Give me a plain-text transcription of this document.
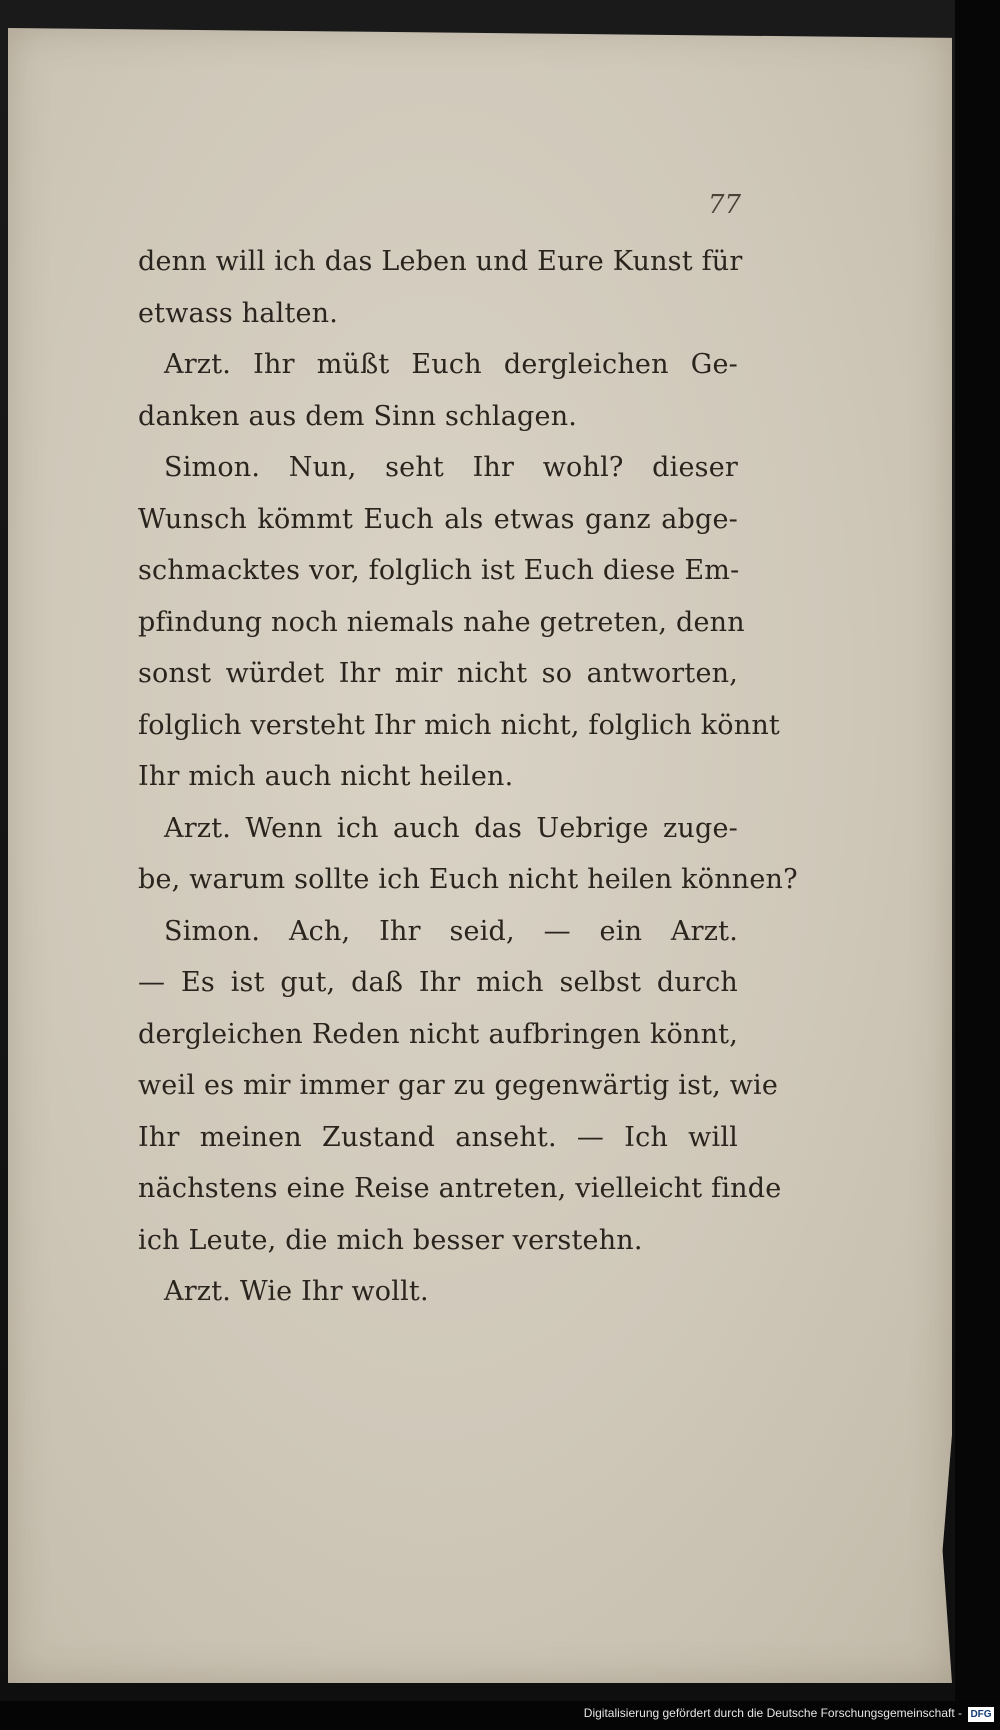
77
denn will ich das Leben und Eure Kunst für
etwass halten.
Arzt. Ihr müßt Euch dergleichen Ge-
danken aus dem Sinn schlagen.
Simon. Nun, seht Ihr wohl? dieser
Wunsch kömmt Euch als etwas ganz abge-
schmacktes vor, folglich ist Euch diese Em-
pfindung noch niemals nahe getreten, denn
sonst würdet Ihr mir nicht so antworten,
folglich versteht Ihr mich nicht, folglich könnt
Ihr mich auch nicht heilen.
Arzt. Wenn ich auch das Uebrige zuge-
be, warum sollte ich Euch nicht heilen können?
Simon. Ach, Ihr seid, — ein Arzt.
— Es ist gut, daß Ihr mich selbst durch
dergleichen Reden nicht aufbringen könnt,
weil es mir immer gar zu gegenwärtig ist, wie
Ihr meinen Zustand anseht. — Ich will
nächstens eine Reise antreten, vielleicht finde
ich Leute, die mich besser verstehn.
Arzt. Wie Ihr wollt.
Digitalisierung gefördert durch die Deutsche Forschungsgemeinschaft - DFG
